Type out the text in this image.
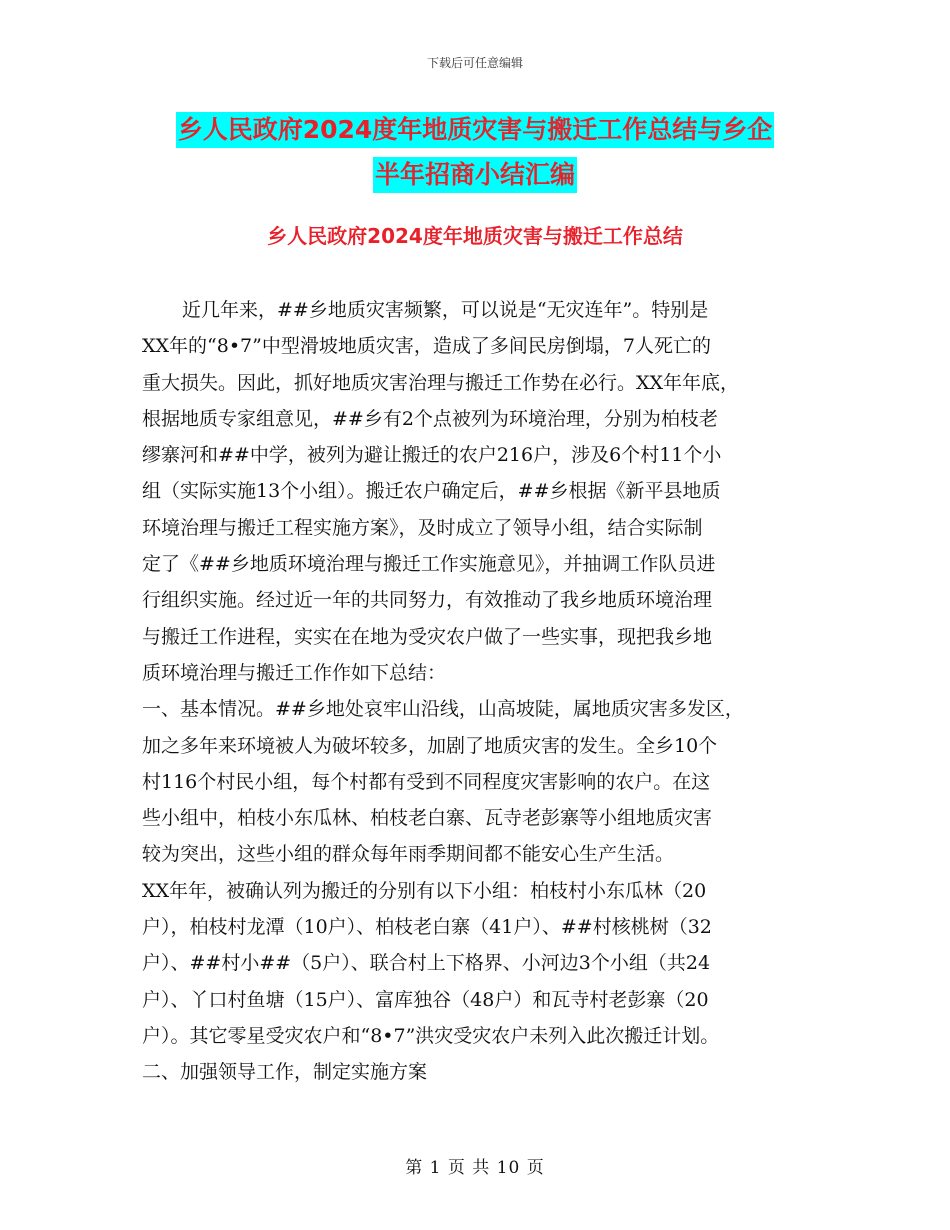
下载后可任意编辑
乡人民政府2024度年地质灾害与搬迁工作总结与乡企
半年招商小结汇编
乡人民政府2024度年地质灾害与搬迁工作总结
近几年来，##乡地质灾害频繁，可以说是“无灾连年”。特别是
XX年的“8•7”中型滑坡地质灾害，造成了多间民房倒塌，7人死亡的
重大损失。因此，抓好地质灾害治理与搬迁工作势在必行。XX年年底，
根据地质专家组意见，##乡有2个点被列为环境治理，分别为柏枝老
缪寨河和##中学，被列为避让搬迁的农户216户，涉及6个村11个小
组（实际实施13个小组）。搬迁农户确定后，##乡根据《新平县地质
环境治理与搬迁工程实施方案》，及时成立了领导小组，结合实际制
定了《##乡地质环境治理与搬迁工作实施意见》，并抽调工作队员进
行组织实施。经过近一年的共同努力，有效推动了我乡地质环境治理
与搬迁工作进程，实实在在地为受灾农户做了一些实事，现把我乡地
质环境治理与搬迁工作作如下总结：
一、基本情况。##乡地处哀牢山沿线，山高坡陡，属地质灾害多发区，
加之多年来环境被人为破坏较多，加剧了地质灾害的发生。全乡10个
村116个村民小组，每个村都有受到不同程度灾害影响的农户。在这
些小组中，柏枝小东瓜林、柏枝老白寨、瓦寺老彭寨等小组地质灾害
较为突出，这些小组的群众每年雨季期间都不能安心生产生活。
XX年年，被确认列为搬迁的分别有以下小组：柏枝村小东瓜林（20
户），柏枝村龙潭（10户）、柏枝老白寨（41户）、##村核桃树（32
户）、##村小##（5户）、联合村上下格界、小河边3个小组（共24
户）、丫口村鱼塘（15户）、富库独谷（48户）和瓦寺村老彭寨（20
户）。其它零星受灾农户和“8•7”洪灾受灾农户未列入此次搬迁计划。
二、加强领导工作，制定实施方案
第 1 页 共 10 页
